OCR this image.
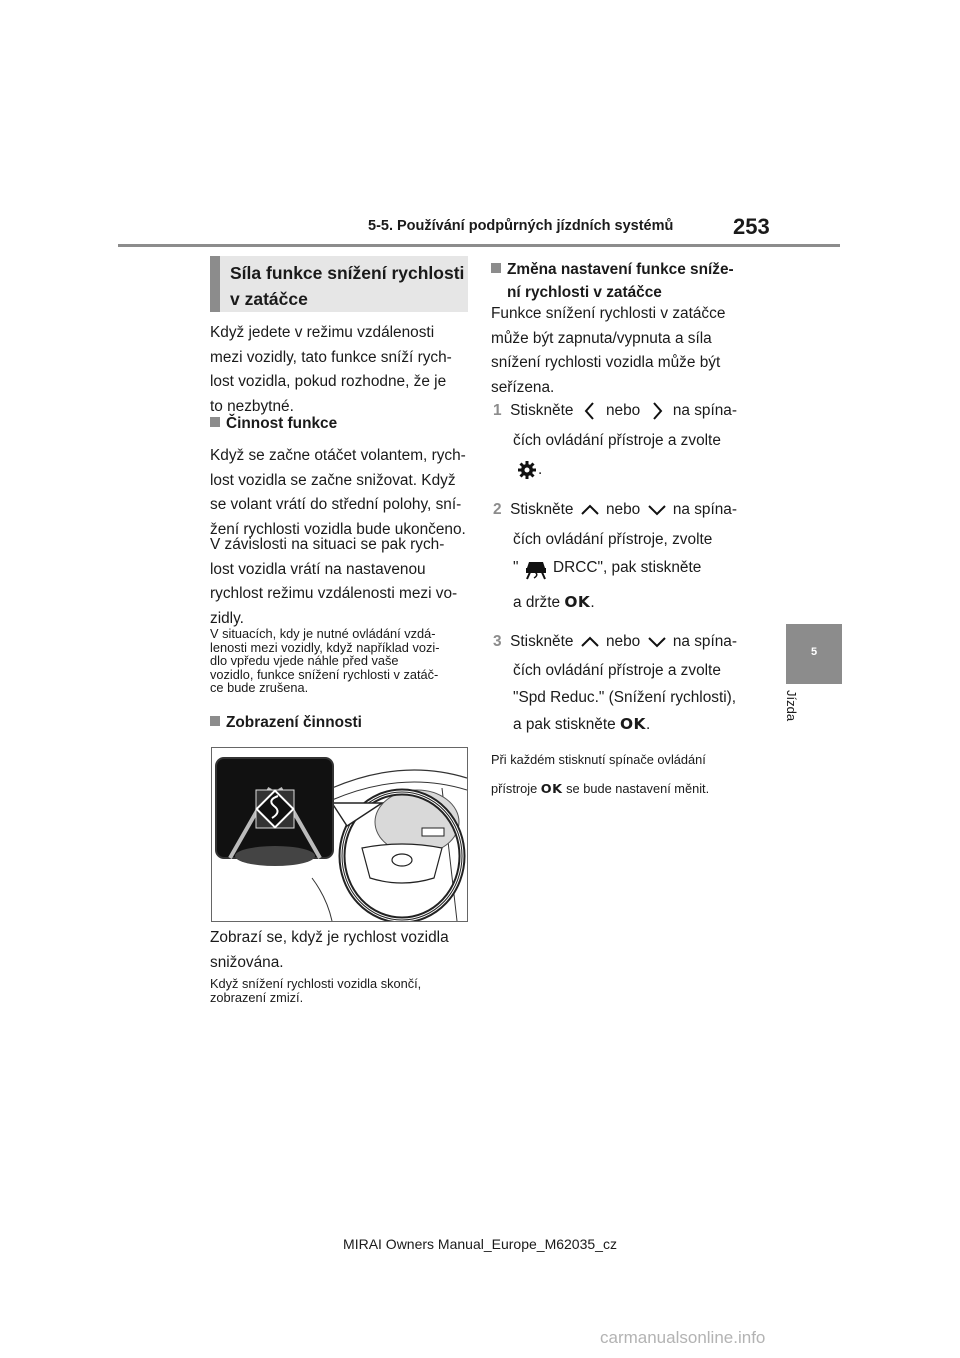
5-5. Používání podpůrných jízdních systémů	253
5
Jízda
Síla funkce snížení rychlosti
v zatáčce
Když jedete v režimu vzdálenosti
mezi vozidly, tato funkce sníží rych-
lost vozidla, pokud rozhodne, že je
to nezbytné.
Činnost funkce
Když se začne otáčet volantem, rych-
lost vozidla se začne snižovat. Když
se volant vrátí do střední polohy, sní-
žení rychlosti vozidla bude ukončeno.
V závislosti na situaci se pak rych-
lost vozidla vrátí na nastavenou
rychlost režimu vzdálenosti mezi vo-
zidly.
V situacích, kdy je nutné ovládání vzdá-
lenosti mezi vozidly, když například vozi-
dlo vpředu vjede náhle před vaše
vozidlo, funkce snížení rychlosti v zatáč-
ce bude zrušena.
Zobrazení činnosti
Zobrazí se, když je rychlost vozidla
snižována.
Když snížení rychlosti vozidla skončí,
zobrazení zmizí.
Změna nastavení funkce sníže-
ní rychlosti v zatáčce
Funkce snížení rychlosti v zatáčce
může být zapnuta/vypnuta a síla
snížení rychlosti vozidla může být
seřízena.
1 Stiskněte nebo na spína-
čích ovládání přístroje a zvolte
.
2 Stiskněte nebo na spína-
čích ovládání přístroje, zvolte
" DRCC", pak stiskněte
a držte OK.
3 Stiskněte nebo na spína-
čích ovládání přístroje a zvolte
"Spd Reduc." (Snížení rychlosti),
a pak stiskněte OK.
Při každém stisknutí spínače ovládání
přístroje OK se bude nastavení měnit.
MIRAI Owners Manual_Europe_M62035_cz
carmanualsonline.info
